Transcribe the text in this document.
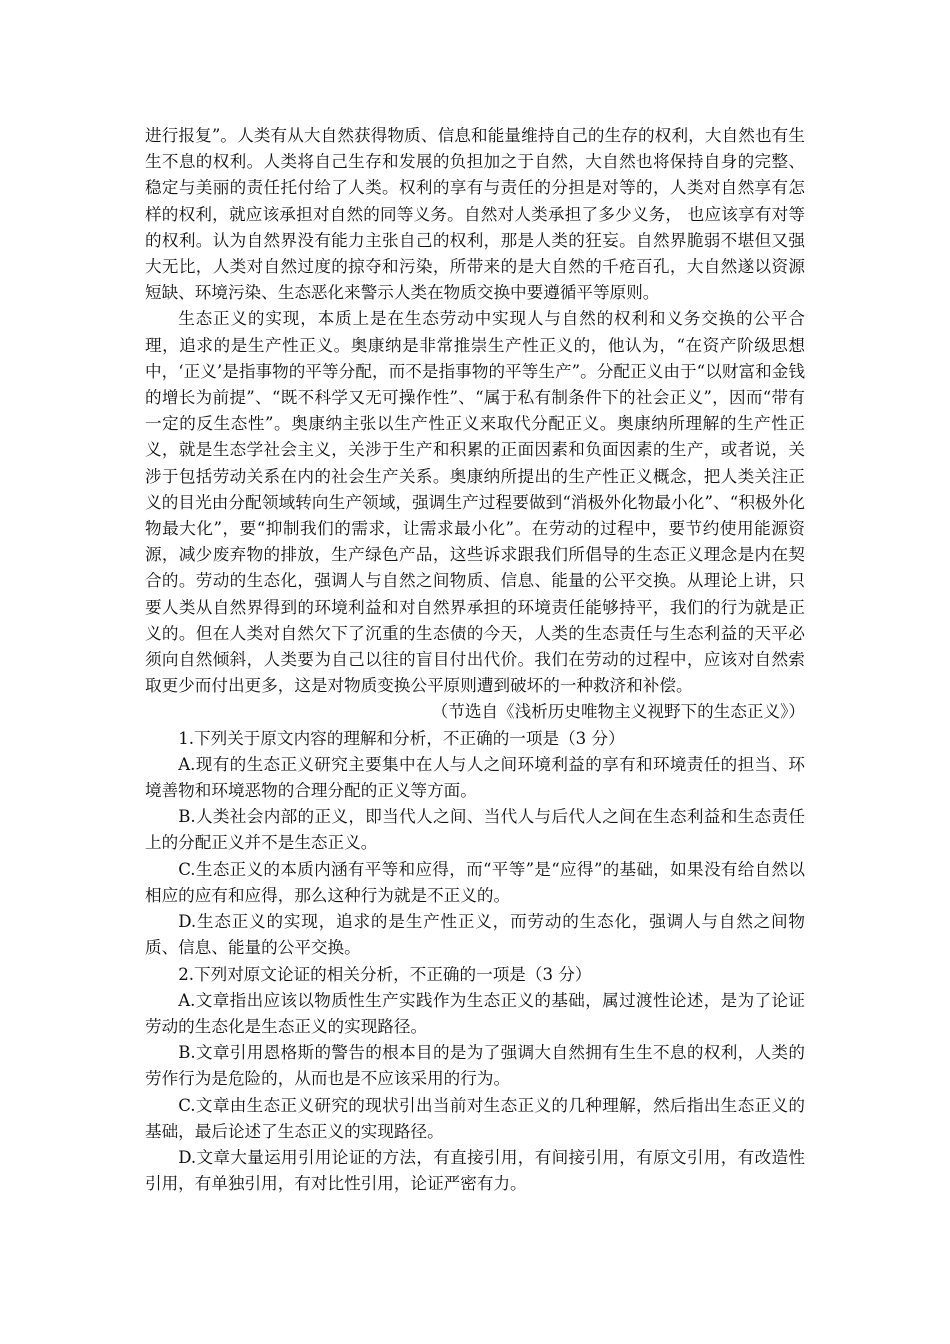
进行报复”。人类有从大自然获得物质、信息和能量维持自己的生存的权利，大自然也有生生不息的权利。人类将自己生存和发展的负担加之于自然，大自然也将保持自身的完整、稳定与美丽的责任托付给了人类。权利的享有与责任的分担是对等的，人类对自然享有怎样的权利，就应该承担对自然的同等义务。自然对人类承担了多少义务， 也应该享有对等的权利。认为自然界没有能力主张自己的权利，那是人类的狂妄。自然界脆弱不堪但又强大无比，人类对自然过度的掠夺和污染，所带来的是大自然的千疮百孔，大自然遂以资源短缺、环境污染、生态恶化来警示人类在物质交换中要遵循平等原则。

生态正义的实现，本质上是在生态劳动中实现人与自然的权利和义务交换的公平合理，追求的是生产性正义。奥康纳是非常推崇生产性正义的，他认为，“在资产阶级思想中，‘正义’是指事物的平等分配，而不是指事物的平等生产”。分配正义由于“以财富和金钱的增长为前提”、“既不科学又无可操作性”、“属于私有制条件下的社会正义”，因而“带有一定的反生态性”。奥康纳主张以生产性正义来取代分配正义。奥康纳所理解的生产性正义，就是生态学社会主义，关涉于生产和积累的正面因素和负面因素的生产，或者说，关涉于包括劳动关系在内的社会生产关系。奥康纳所提出的生产性正义概念，把人类关注正义的目光由分配领域转向生产领域，强调生产过程要做到“消极外化物最小化”、“积极外化物最大化”，要“抑制我们的需求，让需求最小化”。在劳动的过程中，要节约使用能源资源，减少废弃物的排放，生产绿色产品，这些诉求跟我们所倡导的生态正义理念是内在契合的。劳动的生态化，强调人与自然之间物质、信息、能量的公平交换。从理论上讲，只要人类从自然界得到的环境利益和对自然界承担的环境责任能够持平，我们的行为就是正义的。但在人类对自然欠下了沉重的生态债的今天，人类的生态责任与生态利益的天平必须向自然倾斜，人类要为自己以往的盲目付出代价。我们在劳动的过程中，应该对自然索取更少而付出更多，这是对物质变换公平原则遭到破坏的一种救济和补偿。

（节选自《浅析历史唯物主义视野下的生态正义》）

1.下列关于原文内容的理解和分析，不正确的一项是（3 分）

A.现有的生态正义研究主要集中在人与人之间环境利益的享有和环境责任的担当、环境善物和环境恶物的合理分配的正义等方面。

B.人类社会内部的正义，即当代人之间、当代人与后代人之间在生态利益和生态责任上的分配正义并不是生态正义。

C.生态正义的本质内涵有平等和应得，而“平等”是“应得”的基础，如果没有给自然以相应的应有和应得，那么这种行为就是不正义的。

D.生态正义的实现，追求的是生产性正义，而劳动的生态化，强调人与自然之间物质、信息、能量的公平交换。

2.下列对原文论证的相关分析，不正确的一项是（3 分）

A.文章指出应该以物质性生产实践作为生态正义的基础，属过渡性论述，是为了论证劳动的生态化是生态正义的实现路径。

B.文章引用恩格斯的警告的根本目的是为了强调大自然拥有生生不息的权利，人类的劳作行为是危险的，从而也是不应该采用的行为。

C.文章由生态正义研究的现状引出当前对生态正义的几种理解，然后指出生态正义的基础，最后论述了生态正义的实现路径。

D.文章大量运用引用论证的方法，有直接引用，有间接引用，有原文引用，有改造性引用，有单独引用，有对比性引用，论证严密有力。
